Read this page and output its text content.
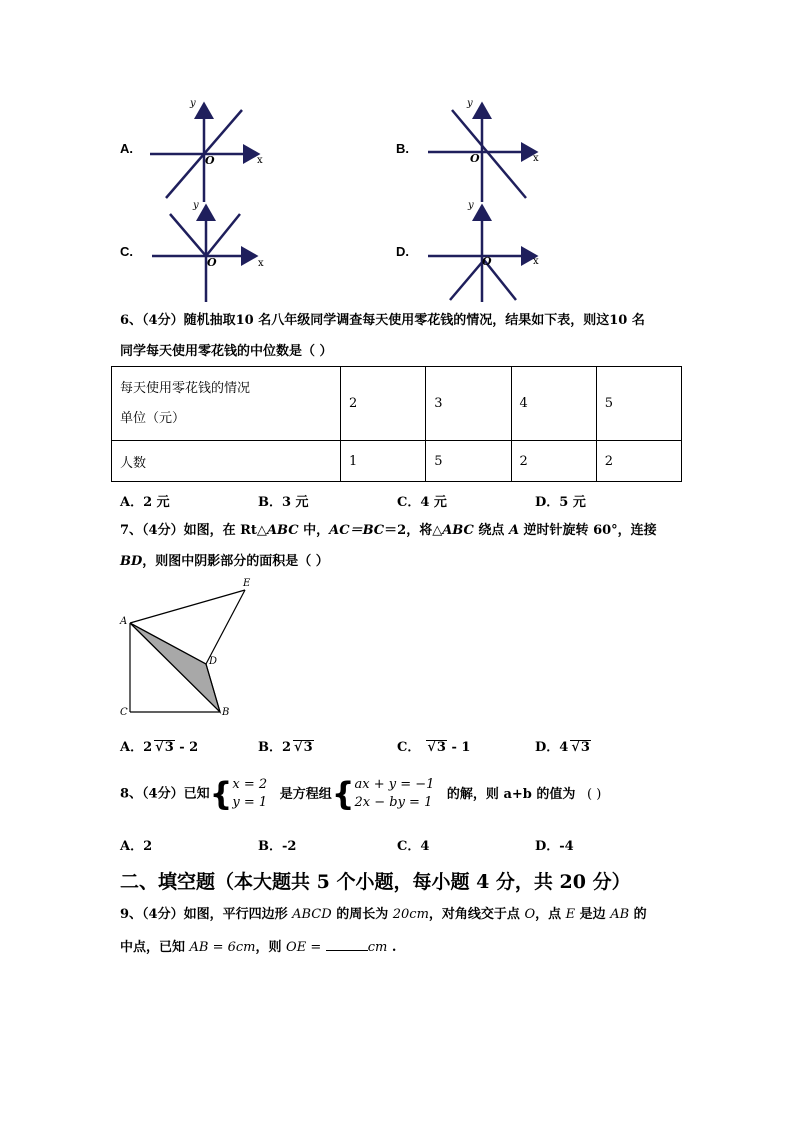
A.
y
x
O
B.
y
x
O
C.
y
x
O
D.
y
x
O
6、（4分）随机抽取10 名八年级同学调查每天使用零花钱的情况，结果如下表，则这10 名
同学每天使用零花钱的中位数是（ ）
每天使用零花钱的情况
单位（元）	2	3	4	5
人数	1	5	2	2
A．2 元	B．3 元	C．4 元	D．5 元
7、（4分）如图，在 Rt△ABC 中，AC＝BC＝2，将△ABC 绕点 A 逆时针旋转 60°，连接
BD，则图中阴影部分的面积是（ ）
A
C	B
D
E
A．2 √3 - 2	B．2 √3	C． √3 - 1	D．4 √3
8、（4分）已知{ x = 2
y = 1
是方程组{ ax + y = −1
2x − by = 1
的解，则 a+b 的值为 ( )
A．2	B．-2	C．4	D．-4
二、填空题（本大题共 5 个小题，每小题 4 分，共 20 分）
9、（4分）如图，平行四边形 ABCD 的周长为 20cm，对角线交于点 O，点 E 是边 AB 的
中点，已知 AB = 6cm，则 OE =	cm .
